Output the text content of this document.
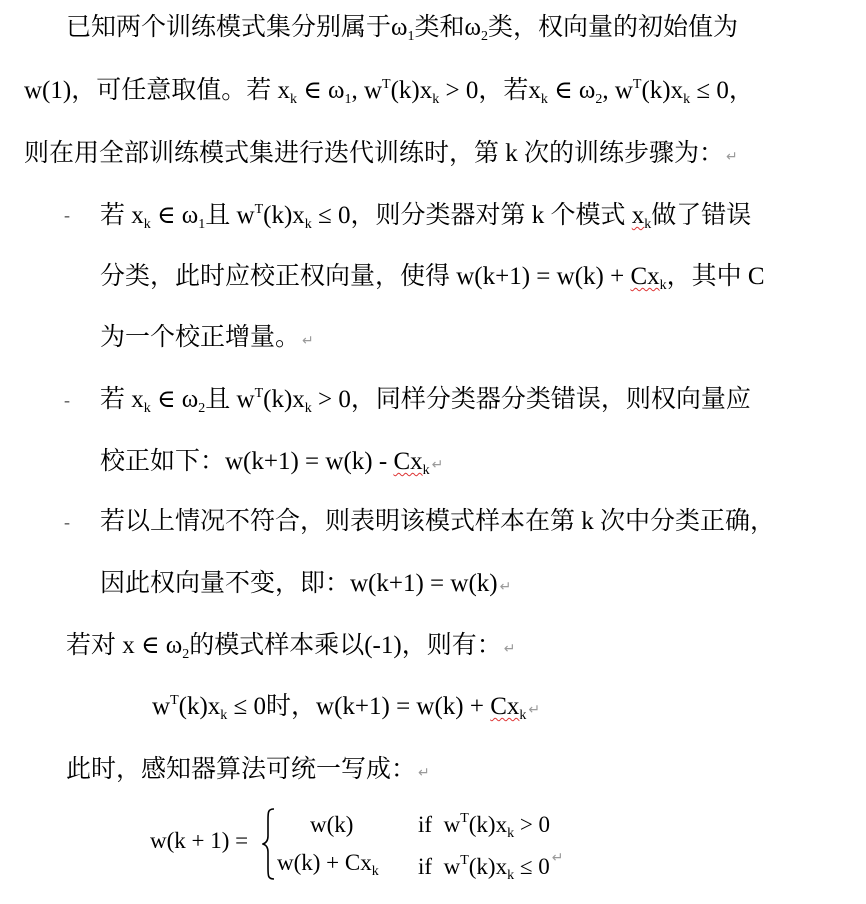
已知两个训练模式集分别属于$\omega_1$类和$\omega_2$类，权向量的初始值为
w(1)，可任意取值。若 $x_k$ ∈ $\omega_1$, $w^T(k)x_k > 0$，若$x_k$ ∈ $\omega_2$, $w^T(k)x_k \le 0$，
则在用全部训练模式集进行迭代训练时，第 k 次的训练步骤为： ↵
- 若 $x_k$ ∈ $\omega_1$且 $w^T(k)x_k \le 0$，则分类器对第 k 个模式 $x_k$做了错误
分类，此时应校正权向量，使得 $w(k+1) = w(k) + Cx_k$，其中 C
为一个校正增量。 ↵
- 若 $x_k$ ∈ $\omega_2$且 $w^T(k)x_k > 0$，同样分类器分类错误，则权向量应
校正如下：$w(k+1) = w(k) - Cx_k$ ↵
- 若以上情况不符合，则表明该模式样本在第 k 次中分类正确，
因此权向量不变，即：w(k+1) = w(k) ↵
若对 x ∈ $\omega_2$的模式样本乘以(-1)，则有： ↵
$w^T(k)x_k \le 0$时，$w(k+1) = w(k) + Cx_k$ ↵
此时，感知器算法可统一写成： ↵
w(k + 1) =
w(k)	if $w^T(k)x_k > 0$
$w(k) + Cx_k$ if $w^T(k)x_k \le 0$ ↵
